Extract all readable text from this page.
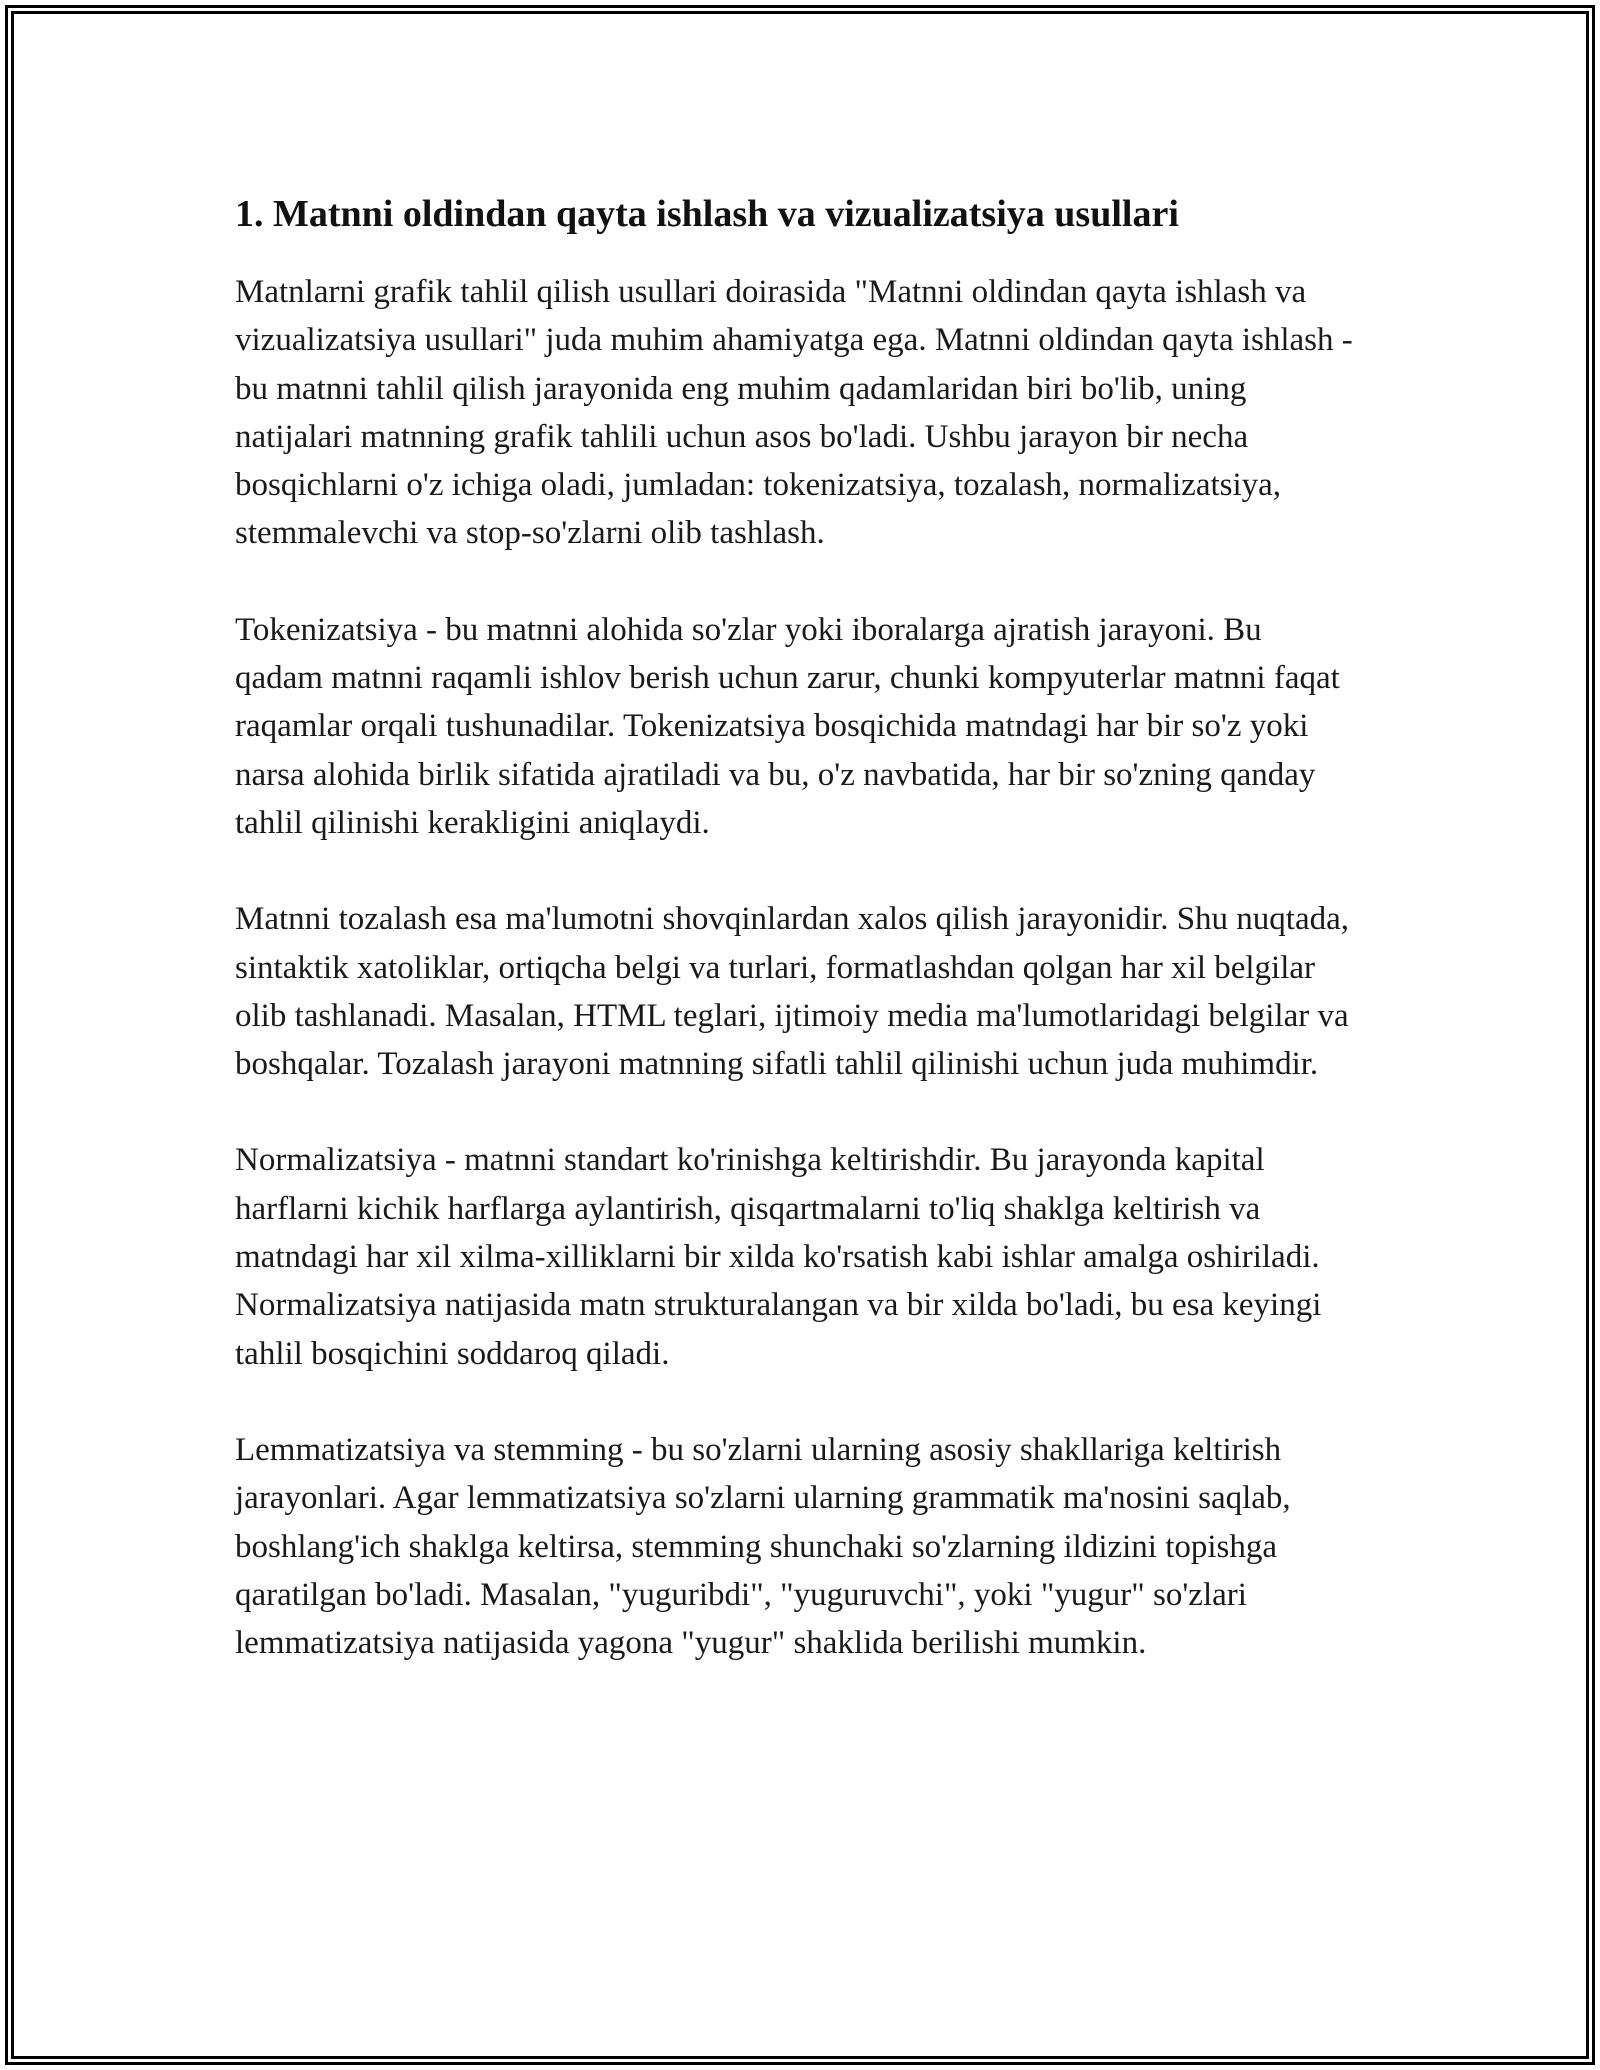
1. Matnni oldindan qayta ishlash va vizualizatsiya usullari

Matnlarni grafik tahlil qilish usullari doirasida "Matnni oldindan qayta ishlash va vizualizatsiya usullari" juda muhim ahamiyatga ega. Matnni oldindan qayta ishlash - bu matnni tahlil qilish jarayonida eng muhim qadamlaridan biri bo'lib, uning natijalari matnning grafik tahlili uchun asos bo'ladi. Ushbu jarayon bir necha bosqichlarni o'z ichiga oladi, jumladan: tokenizatsiya, tozalash, normalizatsiya, stemmalevchi va stop-so'zlarni olib tashlash.

Tokenizatsiya - bu matnni alohida so'zlar yoki iboralarga ajratish jarayoni. Bu qadam matnni raqamli ishlov berish uchun zarur, chunki kompyuterlar matnni faqat raqamlar orqali tushunadilar. Tokenizatsiya bosqichida matndagi har bir so'z yoki narsa alohida birlik sifatida ajratiladi va bu, o'z navbatida, har bir so'zning qanday tahlil qilinishi kerakligini aniqlaydi.

Matnni tozalash esa ma'lumotni shovqinlardan xalos qilish jarayonidir. Shu nuqtada, sintaktik xatoliklar, ortiqcha belgi va turlari, formatlashdan qolgan har xil belgilar olib tashlanadi. Masalan, HTML teglari, ijtimoiy media ma'lumotlaridagi belgilar va boshqalar. Tozalash jarayoni matnning sifatli tahlil qilinishi uchun juda muhimdir.

Normalizatsiya - matnni standart ko'rinishga keltirishdir. Bu jarayonda kapital harflarni kichik harflarga aylantirish, qisqartmalarni to'liq shaklga keltirish va matndagi har xil xilma-xilliklarni bir xilda ko'rsatish kabi ishlar amalga oshiriladi. Normalizatsiya natijasida matn strukturalangan va bir xilda bo'ladi, bu esa keyingi tahlil bosqichini soddaroq qiladi.

Lemmatizatsiya va stemming - bu so'zlarni ularning asosiy shakllariga keltirish jarayonlari. Agar lemmatizatsiya so'zlarni ularning grammatik ma'nosini saqlab, boshlang'ich shaklga keltirsa, stemming shunchaki so'zlarning ildizini topishga qaratilgan bo'ladi. Masalan, "yuguribdi", "yuguruvchi", yoki "yugur" so'zlari lemmatizatsiya natijasida yagona "yugur" shaklida berilishi mumkin.
